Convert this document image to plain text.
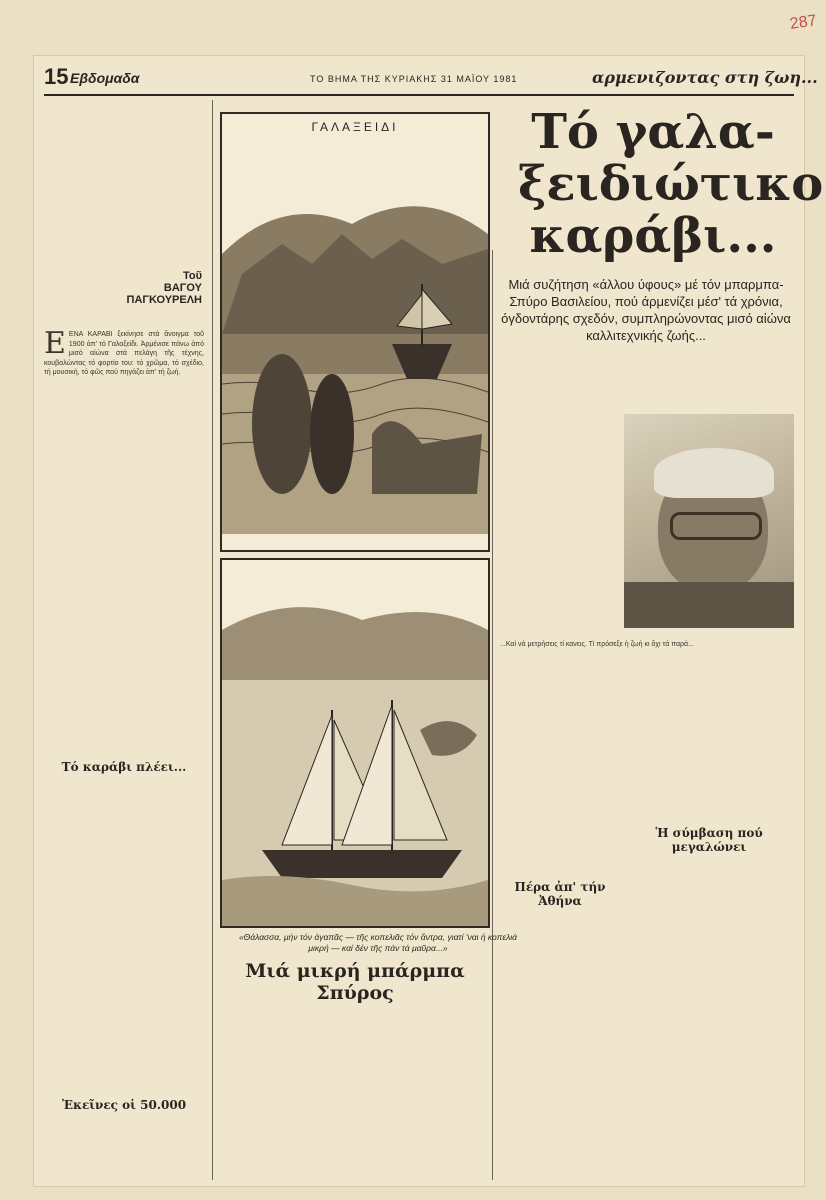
287
15 Εβδομαδα	ΤΟ ΒΗΜΑ ΤΗΣ ΚΥΡΙΑΚΗΣ 31 ΜΑΪΟΥ 1981	αρμενιζοντας στη ζωη...
Τοῦ
ΒΑΓΟΥ
ΠΑΓΚΟΥΡΕΛΗ
Τό γαλα-ξειδιώτικο καράβι...
Μιά συζήτηση «άλλου ύφους» μέ τόν μπαρμπα-Σπύρο Βασιλείου, πού άρμενίζει μέσ' τά χρόνια, όγδοντάρης σχεδόν, συμπληρώνοντας μισό αἰώνα καλλιτεχνικής ζωής...
ΓΑΛΑΞΕΙΔΙ
«Θάλασσα, μήν τόν ἀγαπᾶς — τῆς κοπελιᾶς τόν ἄντρα, γιατί 'ναι ἡ κοπελιά μικρή — καί δέν τῆς πάν τά μαῦρα...»
Ε ΕΝΑ ΚΑΡΑΒΙ ξεκίνησε στά ἄνοιγμα τοῦ 1900 ἀπ' τό Γαλαξείδι. Ἀρμένισε πάνω ἀπό μισό αἰώνα στά πελάγη τῆς τέχνης, κουβαλώντας τό φορτίο του: τό χρῶμα, τό σχέδιο, τή μουσική, τό φῶς πού πηγάζει ἀπ' τή ζωή.
Τό καράβι πλέει...
Ἐκεῖνες οἱ 50.000
...Καί νά μετρήσεις τί κανεις. Τί πρόσεξε ἡ ζωή κι ὅχι τά παρά...
Ἡ σύμβαση πού μεγαλώνει
Πέρα ἀπ' τήν Ἀθήνα
Μιά μικρή μπάρμπα Σπύρος
